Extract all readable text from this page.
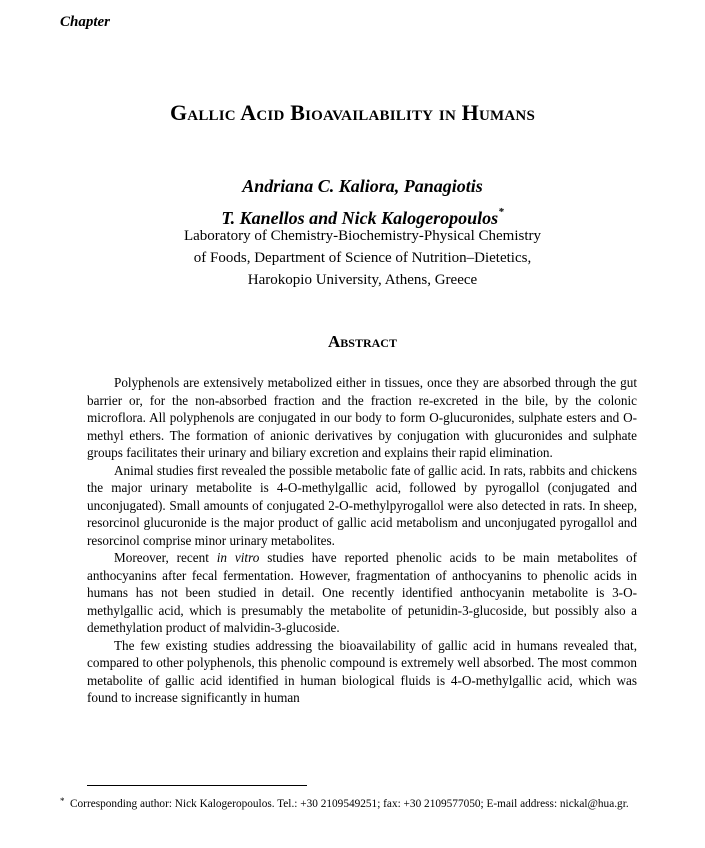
Chapter
Gallic Acid Bioavailability in Humans
Andriana C. Kaliora, Panagiotis
T. Kanellos and Nick Kalogeropoulos*
Laboratory of Chemistry-Biochemistry-Physical Chemistry
of Foods, Department of Science of Nutrition–Dietetics,
Harokopio University, Athens, Greece
Abstract

Polyphenols are extensively metabolized either in tissues, once they are absorbed through the gut barrier or, for the non-absorbed fraction and the fraction re-excreted in the bile, by the colonic microflora. All polyphenols are conjugated in our body to form O-glucuronides, sulphate esters and O-methyl ethers. The formation of anionic derivatives by conjugation with glucuronides and sulphate groups facilitates their urinary and biliary excretion and explains their rapid elimination.

Animal studies first revealed the possible metabolic fate of gallic acid. In rats, rabbits and chickens the major urinary metabolite is 4-O-methylgallic acid, followed by pyrogallol (conjugated and unconjugated). Small amounts of conjugated 2-O-methylpyrogallol were also detected in rats. In sheep, resorcinol glucuronide is the major product of gallic acid metabolism and unconjugated pyrogallol and resorcinol comprise minor urinary metabolites.

Moreover, recent in vitro studies have reported phenolic acids to be main metabolites of anthocyanins after fecal fermentation. However, fragmentation of anthocyanins to phenolic acids in humans has not been studied in detail. One recently identified anthocyanin metabolite is 3-O-methylgallic acid, which is presumably the metabolite of petunidin-3-glucoside, but possibly also a demethylation product of malvidin-3-glucoside.

The few existing studies addressing the bioavailability of gallic acid in humans revealed that, compared to other polyphenols, this phenolic compound is extremely well absorbed. The most common metabolite of gallic acid identified in human biological fluids is 4-O-methylgallic acid, which was found to increase significantly in human

* Corresponding author: Nick Kalogeropoulos. Tel.: +30 2109549251; fax: +30 2109577050; E-mail address: nickal@hua.gr.
